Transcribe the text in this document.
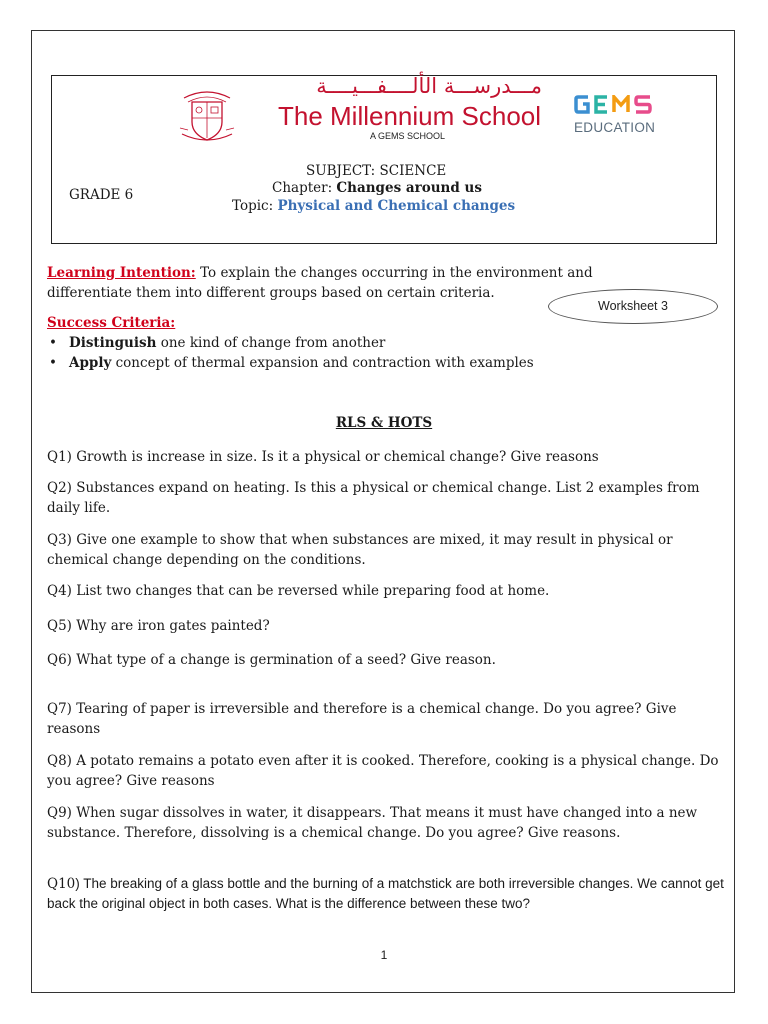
مـــدرســـة الألــــفـــيــــة
The Millennium School
A GEMS SCHOOL
EDUCATION
GRADE 6
SUBJECT: SCIENCE
Chapter: Changes around us
Topic: Physical and Chemical changes
Learning Intention: To explain the changes occurring in the environment and differentiate them into different groups based on certain criteria.
Worksheet 3
Success Criteria:
• Distinguish one kind of change from another
• Apply concept of thermal expansion and contraction with examples
RLS & HOTS
Q1) Growth is increase in size. Is it a physical or chemical change? Give reasons
Q2) Substances expand on heating. Is this a physical or chemical change. List 2 examples from daily life.
Q3) Give one example to show that when substances are mixed, it may result in physical or chemical change depending on the conditions.
Q4) List two changes that can be reversed while preparing food at home.
Q5) Why are iron gates painted?
Q6) What type of a change is germination of a seed? Give reason.
Q7) Tearing of paper is irreversible and therefore is a chemical change. Do you agree? Give reasons
Q8) A potato remains a potato even after it is cooked. Therefore, cooking is a physical change. Do you agree? Give reasons
Q9) When sugar dissolves in water, it disappears. That means it must have changed into a new substance. Therefore, dissolving is a chemical change. Do you agree? Give reasons.
Q10) The breaking of a glass bottle and the burning of a matchstick are both irreversible changes. We cannot get back the original object in both cases. What is the difference between these two?
1
